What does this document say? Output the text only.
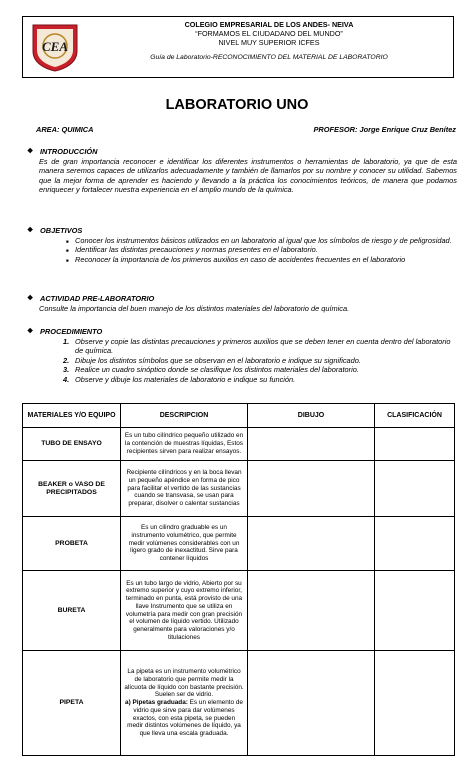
CEA
COLEGIO EMPRESARIAL DE LOS ANDES- NEIVA
“FORMAMOS EL CIUDADANO DEL MUNDO”
NIVEL MUY SUPERIOR ICFES
Guía de Laboratorio-RECONOCIMIENTO DEL MATERIAL DE LABORATORIO
LABORATORIO UNO
AREA: QUIMICA	PROFESOR: Jorge Enrique Cruz Benítez
❖ INTRODUCCIÓN
Es de gran importancia reconocer e identificar los diferentes instrumentos o herramientas de laboratorio, ya que de esta manera seremos capaces de utilizarlos adecuadamente y también de llamarlos por su nombre y conocer su utilidad. Sabemos que la mejor forma de aprender es haciendo y llevando a la práctica los conocimientos teóricos, de manera que podamos enriquecer y fortalecer nuestra experiencia en el amplio mundo de la química.
❖ OBJETIVOS
■ Conocer los instrumentos básicos utilizados en un laboratorio al igual que los símbolos de riesgo y de peligrosidad.
■ Identificar las distintas precauciones y normas presentes en el laboratorio.
■ Reconocer la importancia de los primeros auxilios en caso de accidentes frecuentes en el laboratorio
❖ ACTIVIDAD PRE-LABORATORIO
Consulte la importancia del buen manejo de los distintos materiales del laboratorio de química.
❖ PROCEDIMIENTO
1. Observe y copie las distintas precauciones y primeros auxilios que se deben tener en cuenta dentro del laboratorio de química.
2. Dibuje los distintos símbolos que se observan en el laboratorio e indique su significado.
3. Realice un cuadro sinóptico donde se clasifique los distintos materiales del laboratorio.
4. Observe y dibuje los materiales de laboratorio e indique su función.
MATERIALES Y/O EQUIPO	DESCRIPCION	DIBUJO	CLASIFICACIÓN
TUBO DE ENSAYO	Es un tubo cilíndrico pequeño utilizado en la contención de muestras líquidas, Estos recipientes sirven para realizar ensayos.		
BEAKER o VASO DE PRECIPITADOS	Recipiente cilíndricos y en la boca llevan un pequeño apéndice en forma de pico para facilitar el vertido de las sustancias cuando se transvasa, se usan para preparar, disolver o calentar sustancias		
PROBETA	Es un cilindro graduable es un instrumento volumétrico, que permite medir volúmenes considerables con un ligero grado de inexactitud. Sirve para contener líquidos		
BURETA	Es un tubo largo de vidrio, Abierto por su extremo superior y cuyo extremo inferior, terminado en punta, está provisto de una llave Instrumento que se utiliza en volumetría para medir con gran precisión el volumen de líquido vertido. Utilizado generalmente para valoraciones y/o titulaciones		
PIPETA	La pipeta es un instrumento volumétrico de laboratorio que permite medir la alícuota de líquido con bastante precisión. Suelen ser de vidrio.
a) Pipetas graduada: Es un elemento de vidrio que sirve para dar volúmenes exactos, con esta pipeta, se pueden medir distintos volúmenes de líquido, ya que lleva una escala graduada.		
